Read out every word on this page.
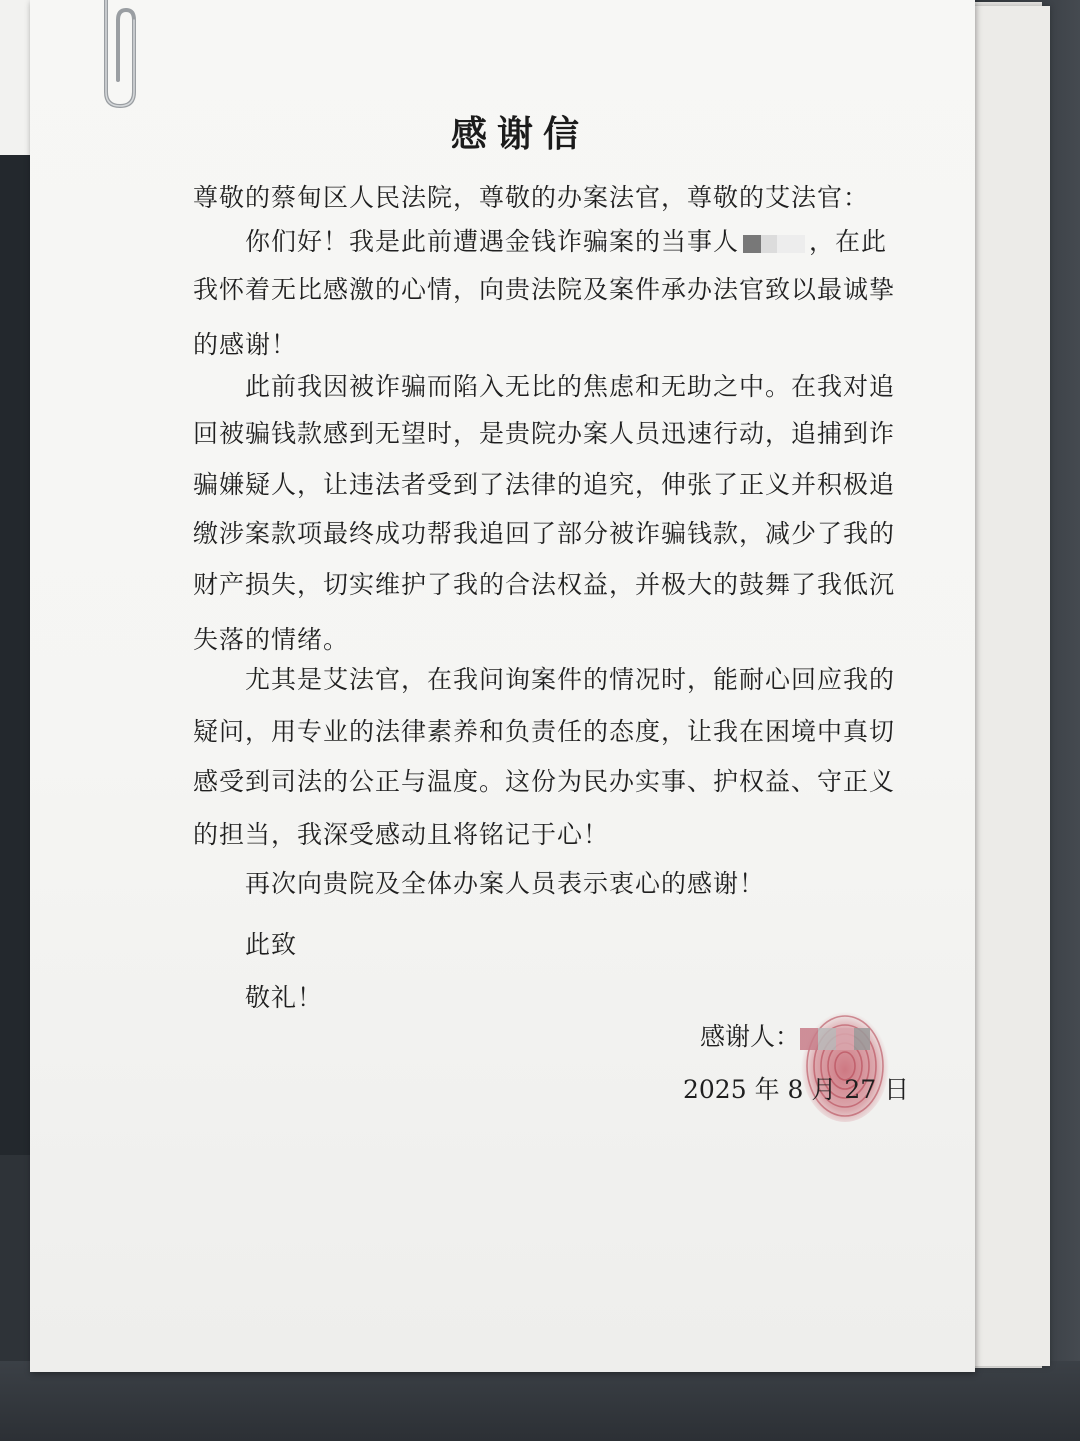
感谢信
尊敬的蔡甸区人民法院，尊敬的办案法官，尊敬的艾法官：
你们好！我是此前遭遇金钱诈骗案的当事人	，在此
我怀着无比感激的心情，向贵法院及案件承办法官致以最诚挚
的感谢！
此前我因被诈骗而陷入无比的焦虑和无助之中。在我对追
回被骗钱款感到无望时，是贵院办案人员迅速行动，追捕到诈
骗嫌疑人，让违法者受到了法律的追究，伸张了正义并积极追
缴涉案款项最终成功帮我追回了部分被诈骗钱款，减少了我的
财产损失，切实维护了我的合法权益，并极大的鼓舞了我低沉
失落的情绪。
尤其是艾法官，在我问询案件的情况时，能耐心回应我的
疑问，用专业的法律素养和负责任的态度，让我在困境中真切
感受到司法的公正与温度。这份为民办实事、护权益、守正义
的担当，我深受感动且将铭记于心！
再次向贵院及全体办案人员表示衷心的感谢！
此致
敬礼！
感谢人：
2025 年 8 月 27 日
